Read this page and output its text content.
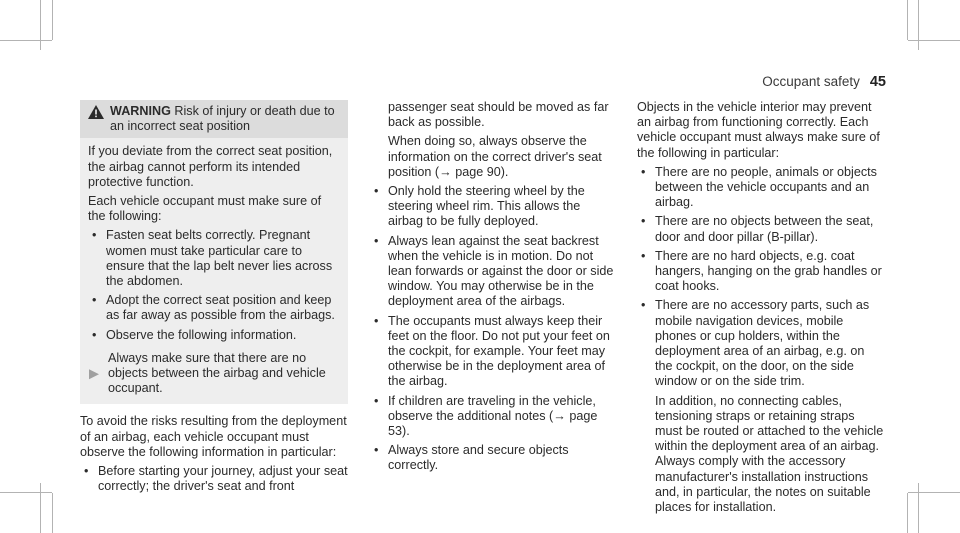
Occupant safety 45
WARNING Risk of injury or death due to an incorrect seat position

If you deviate from the correct seat position, the airbag cannot perform its intended protective function.

Each vehicle occupant must make sure of the following:

• Fasten seat belts correctly. Pregnant women must take particular care to ensure that the lap belt never lies across the abdomen.
• Adopt the correct seat position and keep as far away as possible from the airbags.
• Observe the following information.
Always make sure that there are no objects between the airbag and vehicle occupant.

To avoid the risks resulting from the deployment of an airbag, each vehicle occupant must observe the following information in particular:

• Before starting your journey, adjust your seat correctly; the driver's seat and front

passenger seat should be moved as far back as possible.

When doing so, always observe the information on the correct driver's seat position (→ page 90).

• Only hold the steering wheel by the steering wheel rim. This allows the airbag to be fully deployed.
• Always lean against the seat backrest when the vehicle is in motion. Do not lean forwards or against the door or side window. You may otherwise be in the deployment area of the airbags.
• The occupants must always keep their feet on the floor. Do not put your feet on the cockpit, for example. Your feet may otherwise be in the deployment area of the airbag.
• If children are traveling in the vehicle, observe the additional notes (→ page 53).
• Always store and secure objects correctly.

Objects in the vehicle interior may prevent an airbag from functioning correctly. Each vehicle occupant must always make sure of the following in particular:

• There are no people, animals or objects between the vehicle occupants and an airbag.
• There are no objects between the seat, door and door pillar (B-pillar).
• There are no hard objects, e.g. coat hangers, hanging on the grab handles or coat hooks.
• There are no accessory parts, such as mobile navigation devices, mobile phones or cup holders, within the deployment area of an airbag, e.g. on the cockpit, on the door, on the side window or on the side trim.

In addition, no connecting cables, tensioning straps or retaining straps must be routed or attached to the vehicle within the deployment area of an airbag. Always comply with the accessory manufacturer's installation instructions and, in particular, the notes on suitable places for installation.
